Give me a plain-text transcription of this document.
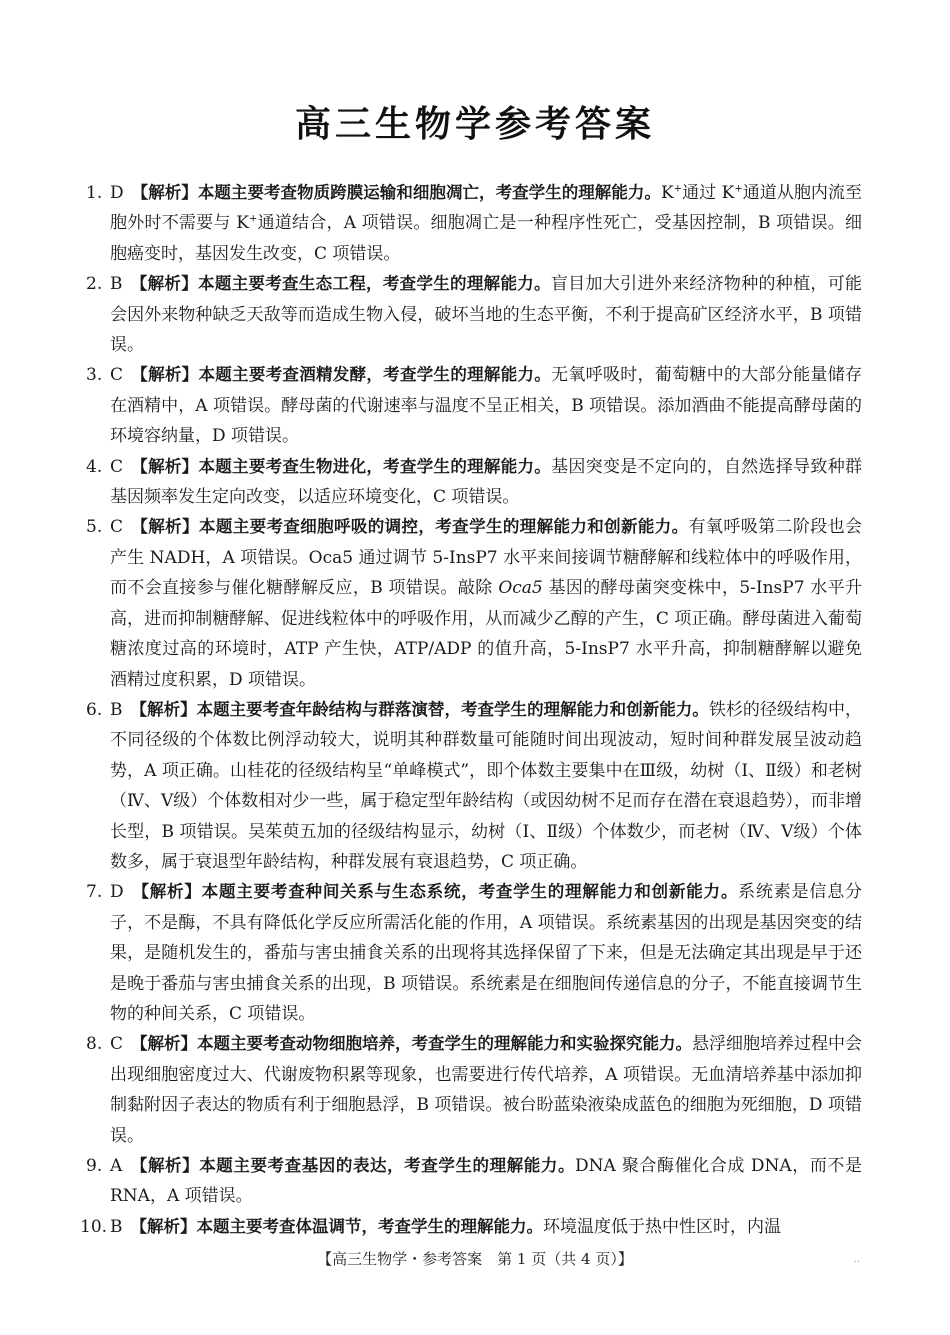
高三生物学参考答案

1. D 【解析】本题主要考查物质跨膜运输和细胞凋亡，考查学生的理解能力。K+通过 K+通道从胞内流至胞外时不需要与 K+通道结合，A 项错误。细胞凋亡是一种程序性死亡，受基因控制，B 项错误。细胞癌变时，基因发生改变，C 项错误。

2. B 【解析】本题主要考查生态工程，考查学生的理解能力。盲目加大引进外来经济物种的种植，可能会因外来物种缺乏天敌等而造成生物入侵，破坏当地的生态平衡，不利于提高矿区经济水平，B 项错误。

3. C 【解析】本题主要考查酒精发酵，考查学生的理解能力。无氧呼吸时，葡萄糖中的大部分能量储存在酒精中，A 项错误。酵母菌的代谢速率与温度不呈正相关，B 项错误。添加酒曲不能提高酵母菌的环境容纳量，D 项错误。

4. C 【解析】本题主要考查生物进化，考查学生的理解能力。基因突变是不定向的，自然选择导致种群基因频率发生定向改变，以适应环境变化，C 项错误。

5. C 【解析】本题主要考查细胞呼吸的调控，考查学生的理解能力和创新能力。有氧呼吸第二阶段也会产生 NADH，A 项错误。Oca5 通过调节 5-InsP7 水平来间接调节糖酵解和线粒体中的呼吸作用，而不会直接参与催化糖酵解反应，B 项错误。敲除 Oca5 基因的酵母菌突变株中，5-InsP7 水平升高，进而抑制糖酵解、促进线粒体中的呼吸作用，从而减少乙醇的产生，C 项正确。酵母菌进入葡萄糖浓度过高的环境时，ATP 产生快，ATP/ADP 的值升高，5-InsP7 水平升高，抑制糖酵解以避免酒精过度积累，D 项错误。

6. B 【解析】本题主要考查年龄结构与群落演替，考查学生的理解能力和创新能力。铁杉的径级结构中，不同径级的个体数比例浮动较大，说明其种群数量可能随时间出现波动，短时间种群发展呈波动趋势，A 项正确。山桂花的径级结构呈“单峰模式”，即个体数主要集中在Ⅲ级，幼树（Ⅰ、Ⅱ级）和老树（Ⅳ、Ⅴ级）个体数相对少一些，属于稳定型年龄结构（或因幼树不足而存在潜在衰退趋势），而非增长型，B 项错误。吴茱萸五加的径级结构显示，幼树（Ⅰ、Ⅱ级）个体数少，而老树（Ⅳ、Ⅴ级）个体数多，属于衰退型年龄结构，种群发展有衰退趋势，C 项正确。

7. D 【解析】本题主要考查种间关系与生态系统，考查学生的理解能力和创新能力。系统素是信息分子，不是酶，不具有降低化学反应所需活化能的作用，A 项错误。系统素基因的出现是基因突变的结果，是随机发生的，番茄与害虫捕食关系的出现将其选择保留了下来，但是无法确定其出现是早于还是晚于番茄与害虫捕食关系的出现，B 项错误。系统素是在细胞间传递信息的分子，不能直接调节生物的种间关系，C 项错误。

8. C 【解析】本题主要考查动物细胞培养，考查学生的理解能力和实验探究能力。悬浮细胞培养过程中会出现细胞密度过大、代谢废物积累等现象，也需要进行传代培养，A 项错误。无血清培养基中添加抑制黏附因子表达的物质有利于细胞悬浮，B 项错误。被台盼蓝染液染成蓝色的细胞为死细胞，D 项错误。

9. A 【解析】本题主要考查基因的表达，考查学生的理解能力。DNA 聚合酶催化合成 DNA，而不是 RNA，A 项错误。

10. B 【解析】本题主要考查体温调节，考查学生的理解能力。环境温度低于热中性区时，内温

【高三生物学・参考答案　第 1 页（共 4 页）】	..
